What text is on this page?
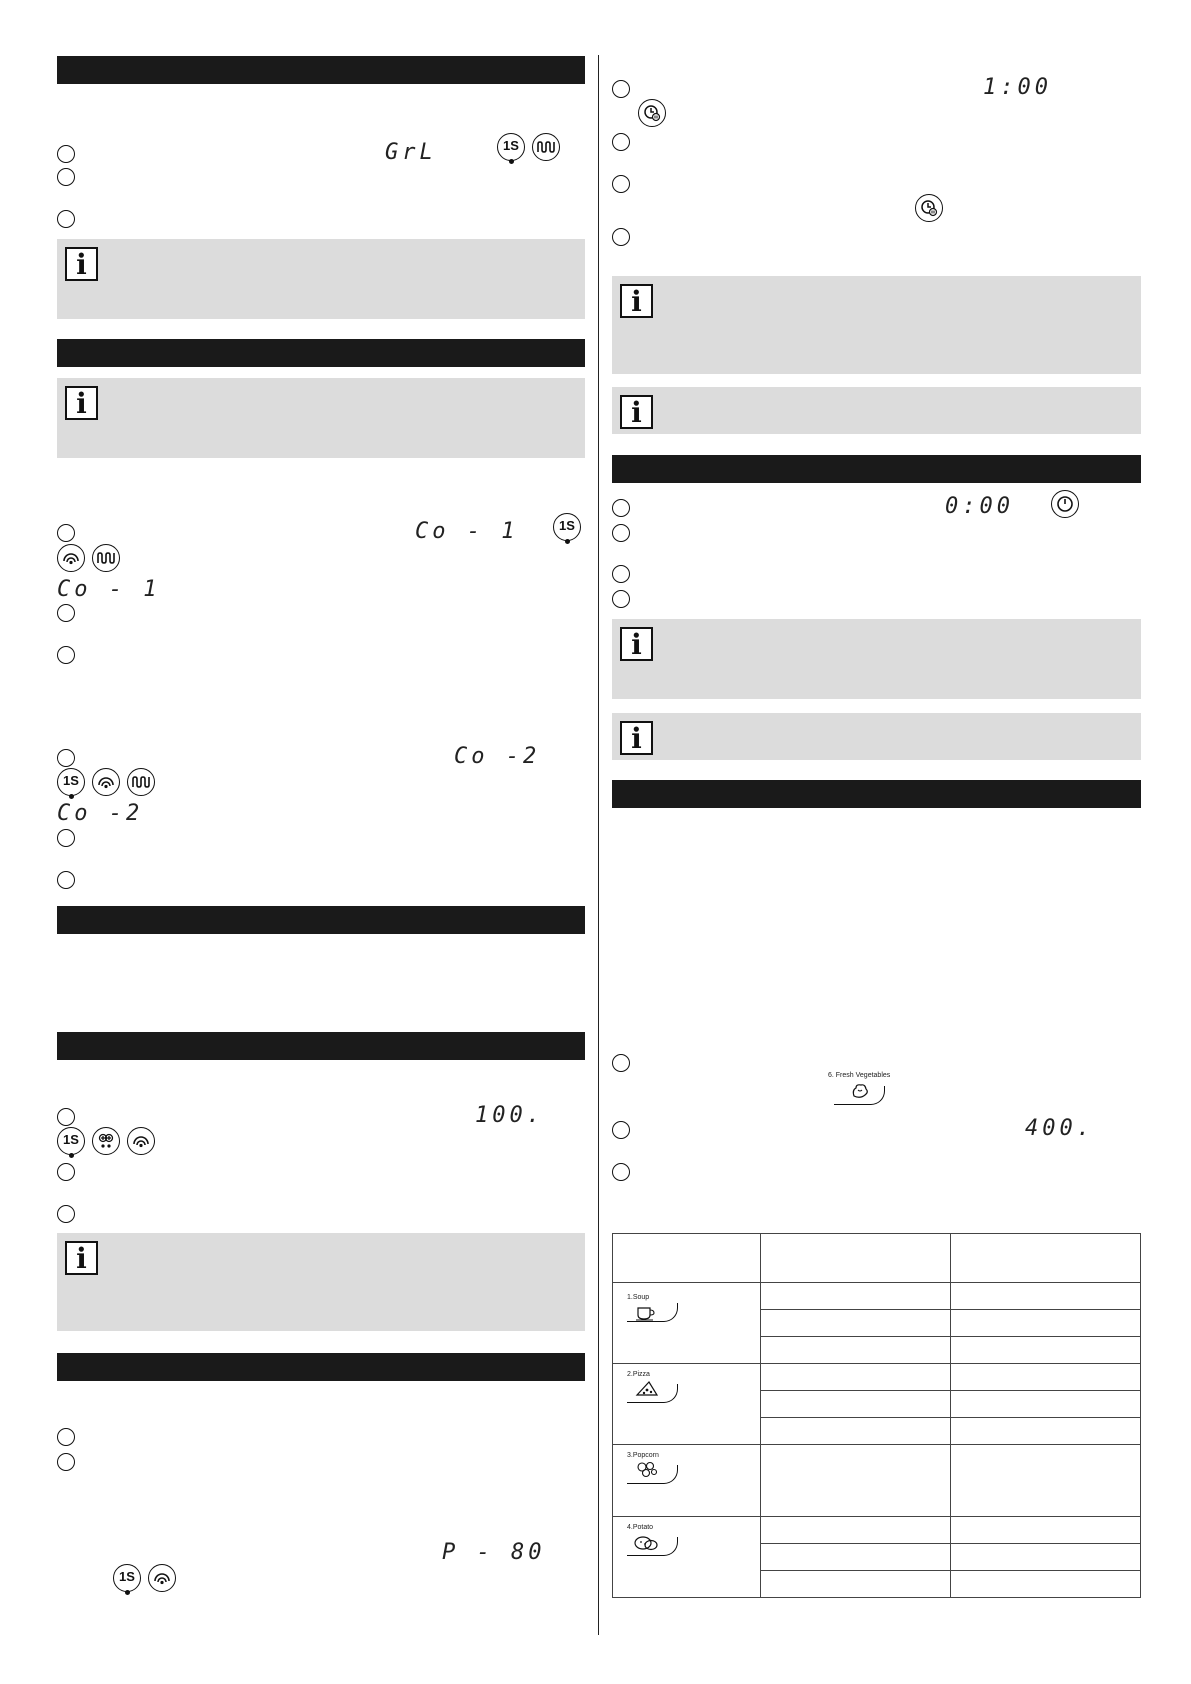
GrL	1S
i
i
Co - 1	1S
Co - 1
Co -2
1S
Co -2
100.
1S
i
P - 80
1S
1:00
i
i
0:00
i
i
6. Fresh Vegetables
400.

1.Soup		

2.Pizza		

3.Popcorn		

4.Potato		
